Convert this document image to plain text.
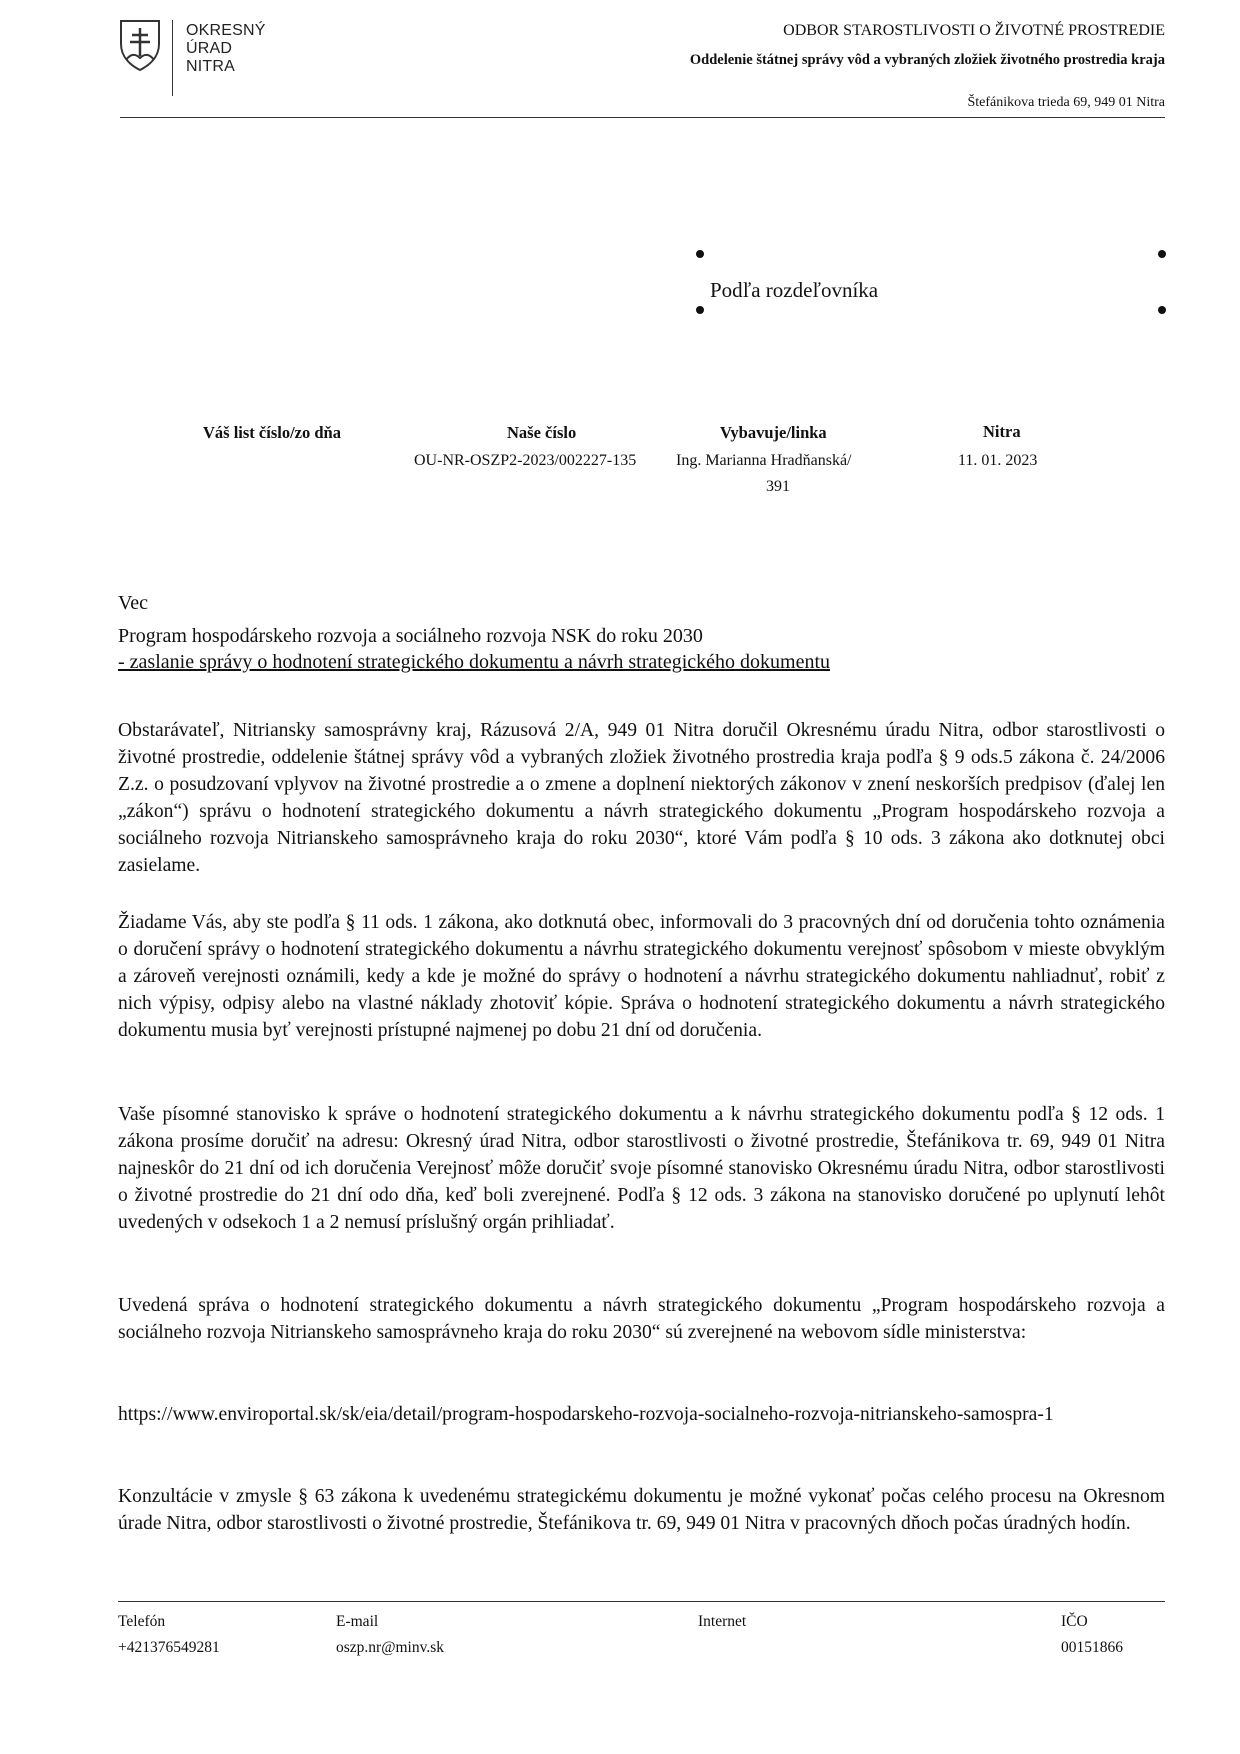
OKRESNÝ
ÚRAD
NITRA
ODBOR STAROSTLIVOSTI O ŽIVOTNÉ PROSTREDIE
Oddelenie štátnej správy vôd a vybraných zložiek životného prostredia kraja
Štefánikova trieda 69, 949 01 Nitra
Podľa rozdeľovníka
Váš list číslo/zo dňa	Naše číslo
OU-NR-OSZP2-2023/002227-135
Vybavuje/linka
Ing. Marianna Hradňanská/
391
Nitra
11. 01. 2023
Vec
Program hospodárskeho rozvoja a sociálneho rozvoja NSK do roku 2030
- zaslanie správy o hodnotení strategického dokumentu a návrh strategického dokumentu
Obstarávateľ, Nitriansky samosprávny kraj, Rázusová 2/A, 949 01 Nitra doručil Okresnému úradu Nitra, odbor starostlivosti o životné prostredie, oddelenie štátnej správy vôd a vybraných zložiek životného prostredia kraja podľa § 9 ods.5 zákona č. 24/2006 Z.z. o posudzovaní vplyvov na životné prostredie a o zmene a doplnení niektorých zákonov v znení neskorších predpisov (ďalej len „zákon“) správu o hodnotení strategického dokumentu a návrh strategického dokumentu „Program hospodárskeho rozvoja a sociálneho rozvoja Nitrianskeho samosprávneho kraja do roku 2030“, ktoré Vám podľa § 10 ods. 3 zákona ako dotknutej obci zasielame.
Žiadame Vás, aby ste podľa § 11 ods. 1 zákona, ako dotknutá obec, informovali do 3 pracovných dní od doručenia tohto oznámenia o doručení správy o hodnotení strategického dokumentu a návrhu strategického dokumentu verejnosť spôsobom v mieste obvyklým a zároveň verejnosti oznámili, kedy a kde je možné do správy o hodnotení a návrhu strategického dokumentu nahliadnuť, robiť z nich výpisy, odpisy alebo na vlastné náklady zhotoviť kópie. Správa o hodnotení strategického dokumentu a návrh strategického dokumentu musia byť verejnosti prístupné najmenej po dobu 21 dní od doručenia.
Vaše písomné stanovisko k správe o hodnotení strategického dokumentu a k návrhu strategického dokumentu podľa § 12 ods. 1 zákona prosíme doručiť na adresu: Okresný úrad Nitra, odbor starostlivosti o životné prostredie, Štefánikova tr. 69, 949 01 Nitra najneskôr do 21 dní od ich doručenia Verejnosť môže doručiť svoje písomné stanovisko Okresnému úradu Nitra, odbor starostlivosti o životné prostredie do 21 dní odo dňa, keď boli zverejnené. Podľa § 12 ods. 3 zákona na stanovisko doručené po uplynutí lehôt uvedených v odsekoch 1 a 2 nemusí príslušný orgán prihliadať.
Uvedená správa o hodnotení strategického dokumentu a návrh strategického dokumentu „Program hospodárskeho rozvoja a sociálneho rozvoja Nitrianskeho samosprávneho kraja do roku 2030“ sú zverejnené na webovom sídle ministerstva:
https://www.enviroportal.sk/sk/eia/detail/program-hospodarskeho-rozvoja-socialneho-rozvoja-nitrianskeho-samospra-1
Konzultácie v zmysle § 63 zákona k uvedenému strategickému dokumentu je možné vykonať počas celého procesu na Okresnom úrade Nitra, odbor starostlivosti o životné prostredie, Štefánikova tr. 69, 949 01 Nitra v pracovných dňoch počas úradných hodín.
Telefón
+421376549281
E-mail
oszp.nr@minv.sk
Internet	IČO
00151866
